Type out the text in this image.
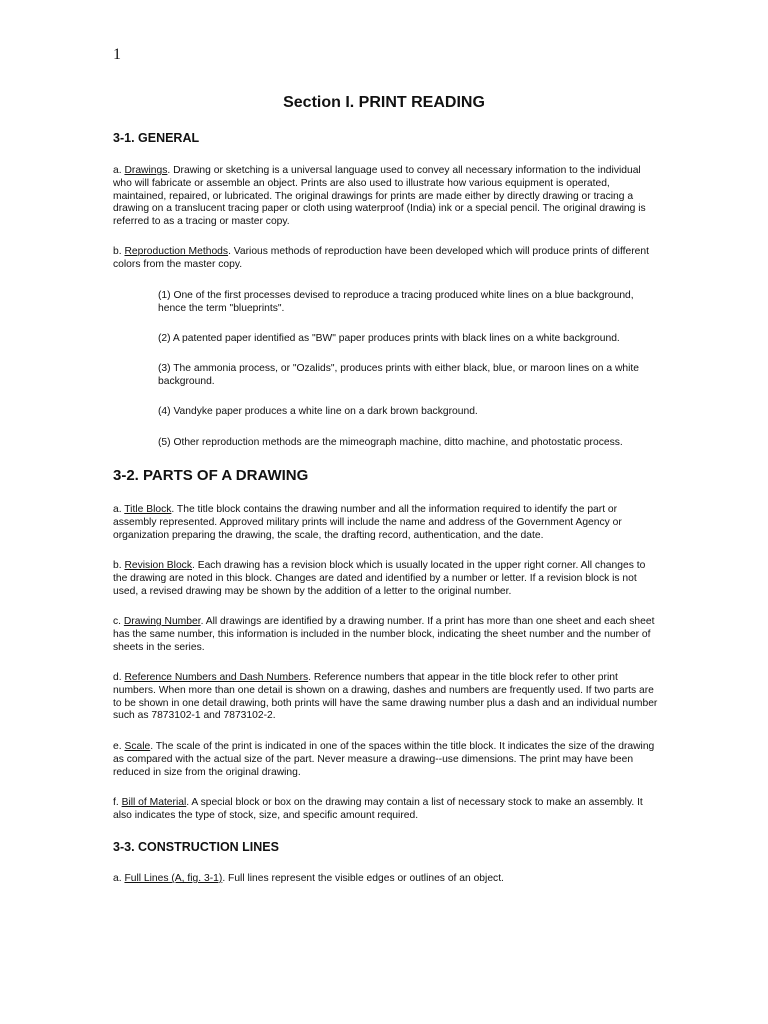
1
Section I. PRINT READING
3-1. GENERAL
a. Drawings. Drawing or sketching is a universal language used to convey all necessary information to the individual who will fabricate or assemble an object. Prints are also used to illustrate how various equipment is operated, maintained, repaired, or lubricated. The original drawings for prints are made either by directly drawing or tracing a drawing on a translucent tracing paper or cloth using waterproof (India) ink or a special pencil. The original drawing is referred to as a tracing or master copy.
b. Reproduction Methods. Various methods of reproduction have been developed which will produce prints of different colors from the master copy.
(1) One of the first processes devised to reproduce a tracing produced white lines on a blue background, hence the term "blueprints".
(2) A patented paper identified as "BW" paper produces prints with black lines on a white background.
(3) The ammonia process, or "Ozalids", produces prints with either black, blue, or maroon lines on a white background.
(4) Vandyke paper produces a white line on a dark brown background.
(5) Other reproduction methods are the mimeograph machine, ditto machine, and photostatic process.
3-2. PARTS OF A DRAWING
a. Title Block. The title block contains the drawing number and all the information required to identify the part or assembly represented. Approved military prints will include the name and address of the Government Agency or organization preparing the drawing, the scale, the drafting record, authentication, and the date.
b. Revision Block. Each drawing has a revision block which is usually located in the upper right corner. All changes to the drawing are noted in this block. Changes are dated and identified by a number or letter. If a revision block is not used, a revised drawing may be shown by the addition of a letter to the original number.
c. Drawing Number. All drawings are identified by a drawing number. If a print has more than one sheet and each sheet has the same number, this information is included in the number block, indicating the sheet number and the number of sheets in the series.
d. Reference Numbers and Dash Numbers. Reference numbers that appear in the title block refer to other print numbers. When more than one detail is shown on a drawing, dashes and numbers are frequently used. If two parts are to be shown in one detail drawing, both prints will have the same drawing number plus a dash and an individual number such as 7873102-1 and 7873102-2.
e. Scale. The scale of the print is indicated in one of the spaces within the title block. It indicates the size of the drawing as compared with the actual size of the part. Never measure a drawing--use dimensions. The print may have been reduced in size from the original drawing.
f. Bill of Material. A special block or box on the drawing may contain a list of necessary stock to make an assembly. It also indicates the type of stock, size, and specific amount required.
3-3. CONSTRUCTION LINES
a. Full Lines (A, fig. 3-1). Full lines represent the visible edges or outlines of an object.
